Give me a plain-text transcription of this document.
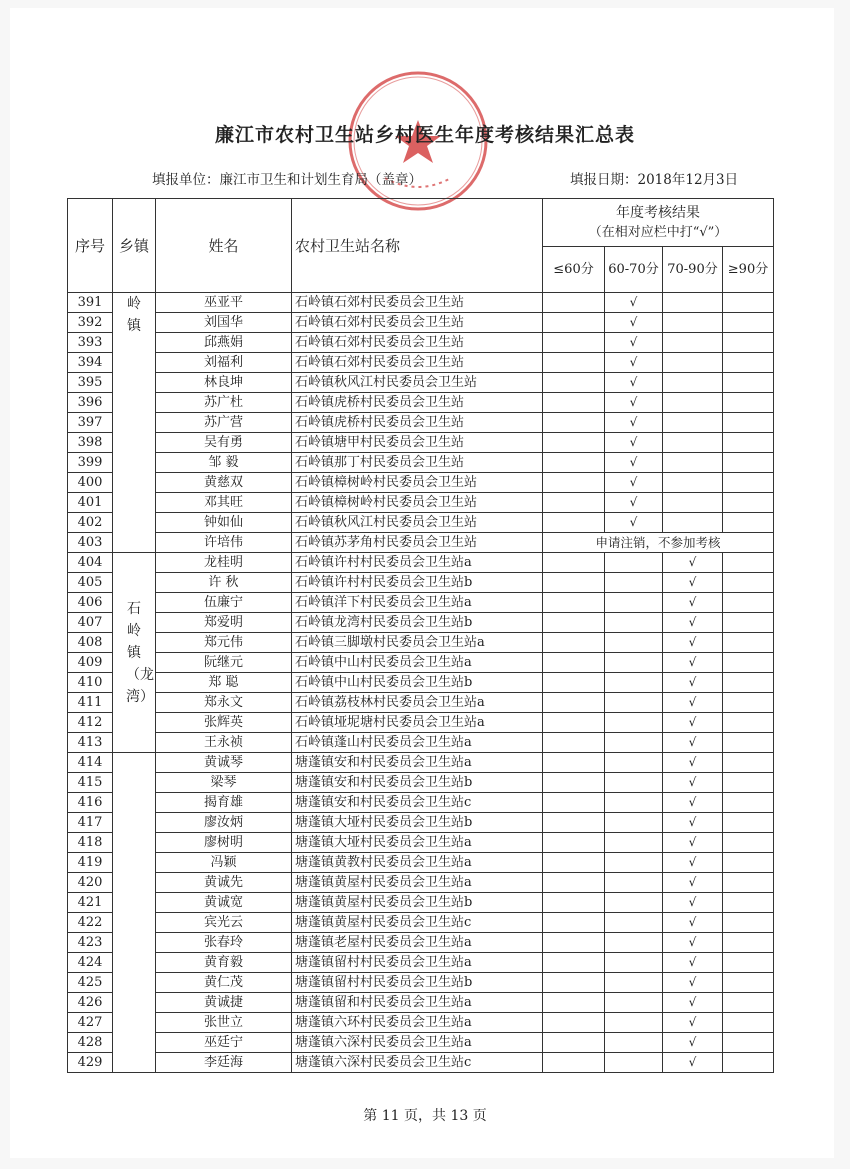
廉江市农村卫生站乡村医生年度考核结果汇总表
填报单位：廉江市卫生和计划生育局（盖章）	填报日期：2018年12月3日
序号	乡镇	姓名	农村卫生站名称	年度考核结果
（在相对应栏中打“√”）			

				≤60分	60-70分	70-90分	≥90分
391	岭镇	巫亚平	石岭镇石郊村民委员会卫生站		√		
392		刘国华	石岭镇石郊村民委员会卫生站		√		
393		邱燕娟	石岭镇石郊村民委员会卫生站		√		
394		刘福利	石岭镇石郊村民委员会卫生站		√		
395		林良坤	石岭镇秋风江村民委员会卫生站		√		
396		苏广杜	石岭镇虎桥村民委员会卫生站		√		
397		苏广营	石岭镇虎桥村民委员会卫生站		√		
398		吴有勇	石岭镇塘甲村民委员会卫生站		√		
399		邹 毅	石岭镇那丁村民委员会卫生站		√		
400		黄慈双	石岭镇樟树岭村民委员会卫生站		√		
401		邓其旺	石岭镇樟树岭村民委员会卫生站		√		
402		钟如仙	石岭镇秋风江村民委员会卫生站		√		
403		许培伟	石岭镇苏茅角村民委员会卫生站	申请注销，不参加考核			
404	石岭镇（龙湾）	龙桂明	石岭镇许村村民委员会卫生站a			√	
405		许 秋	石岭镇许村村民委员会卫生站b			√	
406		伍廉宁	石岭镇洋下村民委员会卫生站a			√	
407		郑爱明	石岭镇龙湾村民委员会卫生站b			√	
408		郑元伟	石岭镇三脚墩村民委员会卫生站a			√	
409		阮继元	石岭镇中山村民委员会卫生站a			√	
410		郑 聪	石岭镇中山村民委员会卫生站b			√	
411		郑永文	石岭镇荔枝林村民委员会卫生站a			√	
412		张辉英	石岭镇垭坭塘村民委员会卫生站a			√	
413		王永祯	石岭镇蓬山村民委员会卫生站a			√	
414		黄诚琴	塘蓬镇安和村民委员会卫生站a			√	
415		梁琴	塘蓬镇安和村民委员会卫生站b			√	
416		揭育雄	塘蓬镇安和村民委员会卫生站c			√	
417		廖汝炳	塘蓬镇大垭村民委员会卫生站b			√	
418		廖树明	塘蓬镇大垭村民委员会卫生站a			√	
419		冯颖	塘蓬镇黄教村民委员会卫生站a			√	
420		黄诚先	塘蓬镇黄屋村民委员会卫生站a			√	
421		黄诚宽	塘蓬镇黄屋村民委员会卫生站b			√	
422		宾光云	塘蓬镇黄屋村民委员会卫生站c			√	
423		张春玲	塘蓬镇老屋村民委员会卫生站a			√	
424		黄育毅	塘蓬镇留村村民委员会卫生站a			√	
425		黄仁茂	塘蓬镇留村村民委员会卫生站b			√	
426		黄诚捷	塘蓬镇留和村民委员会卫生站a			√	
427		张世立	塘蓬镇六环村民委员会卫生站a			√	
428		巫廷宁	塘蓬镇六深村民委员会卫生站a			√	
429		李廷海	塘蓬镇六深村民委员会卫生站c			√	
第 11 页，共 13 页
